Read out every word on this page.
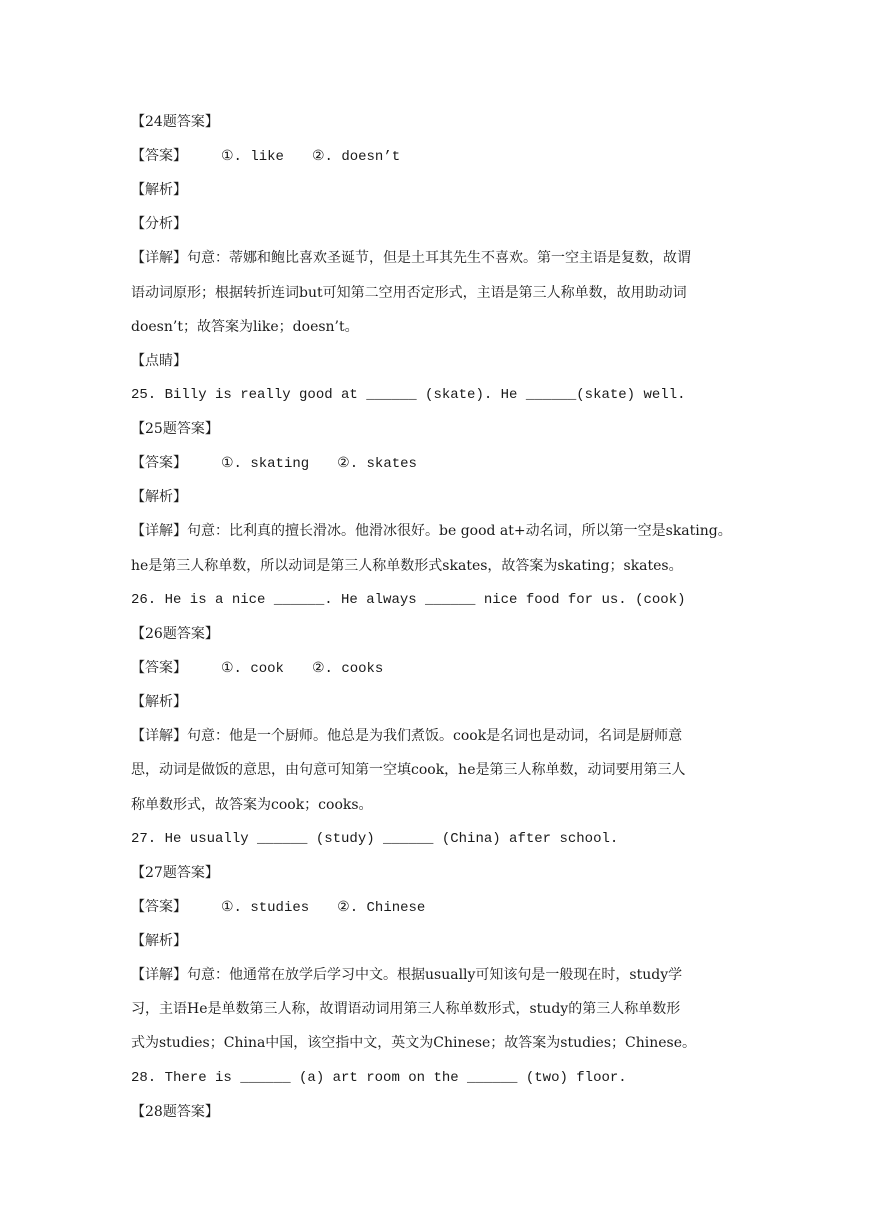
【24题答案】
【答案】 ①. like ②. doesn’t
【解析】
【分析】
【详解】句意：蒂娜和鲍比喜欢圣诞节，但是土耳其先生不喜欢。第一空主语是复数，故谓
语动词原形；根据转折连词but可知第二空用否定形式，主语是第三人称单数，故用助动词
doesn’t；故答案为like；doesn’t。
【点睛】
25. Billy is really good at ______ (skate). He ______(skate) well.
【25题答案】
【答案】 ①. skating ②. skates
【解析】
【详解】句意：比利真的擅长滑冰。他滑冰很好。be good at+动名词，所以第一空是skating。
he是第三人称单数，所以动词是第三人称单数形式skates，故答案为skating；skates。
26. He is a nice ______. He always ______ nice food for us. (cook)
【26题答案】
【答案】 ①. cook ②. cooks
【解析】
【详解】句意：他是一个厨师。他总是为我们煮饭。cook是名词也是动词，名词是厨师意
思，动词是做饭的意思，由句意可知第一空填cook，he是第三人称单数，动词要用第三人
称单数形式，故答案为cook；cooks。
27. He usually ______ (study) ______ (China) after school.
【27题答案】
【答案】 ①. studies ②. Chinese
【解析】
【详解】句意：他通常在放学后学习中文。根据usually可知该句是一般现在时，study学
习，主语He是单数第三人称，故谓语动词用第三人称单数形式，study的第三人称单数形
式为studies；China中国，该空指中文，英文为Chinese；故答案为studies；Chinese。
28. There is ______ (a) art room on the ______ (two) floor.
【28题答案】
